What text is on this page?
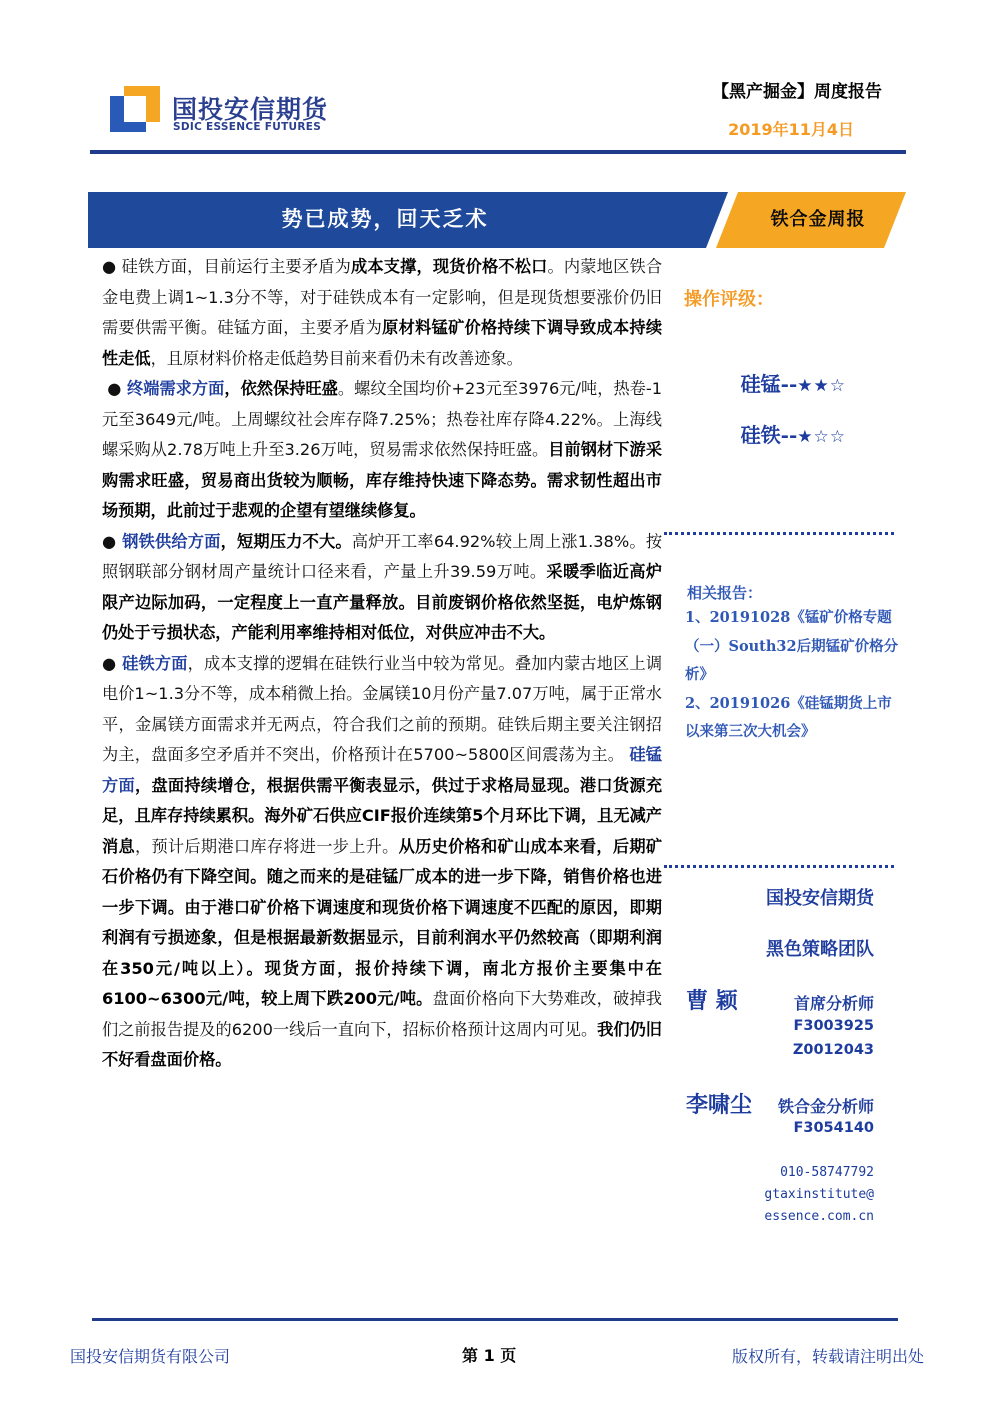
国投安信期货
SDIC ESSENCE FUTURES
【黑产掘金】周度报告
2019年11月4日
势已成势，回天乏术	铁合金周报

● 硅铁方面，目前运行主要矛盾为成本支撑，现货价格不松口。内蒙地区铁合金电费上调1~1.3分不等，对于硅铁成本有一定影响，但是现货想要涨价仍旧需要供需平衡。硅锰方面，主要矛盾为原材料锰矿价格持续下调导致成本持续性走低，且原材料价格走低趋势目前来看仍未有改善迹象。

● 终端需求方面，依然保持旺盛。螺纹全国均价+23元至3976元/吨，热卷-1元至3649元/吨。上周螺纹社会库存降7.25%；热卷社库存降4.22%。上海线螺采购从2.78万吨上升至3.26万吨，贸易需求依然保持旺盛。目前钢材下游采购需求旺盛，贸易商出货较为顺畅，库存维持快速下降态势。需求韧性超出市场预期，此前过于悲观的企望有望继续修复。

● 钢铁供给方面，短期压力不大。高炉开工率64.92%较上周上涨1.38%。按照钢联部分钢材周产量统计口径来看，产量上升39.59万吨。采暖季临近高炉限产边际加码，一定程度上一直产量释放。目前废钢价格依然坚挺，电炉炼钢仍处于亏损状态，产能利用率维持相对低位，对供应冲击不大。

● 硅铁方面，成本支撑的逻辑在硅铁行业当中较为常见。叠加内蒙古地区上调电价1~1.3分不等，成本稍微上抬。金属镁10月份产量7.07万吨，属于正常水平，金属镁方面需求并无两点，符合我们之前的预期。硅铁后期主要关注钢招为主，盘面多空矛盾并不突出，价格预计在5700~5800区间震荡为主。 硅锰方面，盘面持续增仓，根据供需平衡表显示，供过于求格局显现。港口货源充足，且库存持续累积。海外矿石供应CIF报价连续第5个月环比下调，且无减产消息，预计后期港口库存将进一步上升。从历史价格和矿山成本来看，后期矿石价格仍有下降空间。随之而来的是硅锰厂成本的进一步下降，销售价格也进一步下调。由于港口矿价格下调速度和现货价格下调速度不匹配的原因，即期利润有亏损迹象，但是根据最新数据显示，目前利润水平仍然较高（即期利润在350元/吨以上）。现货方面，报价持续下调，南北方报价主要集中在6100~6300元/吨，较上周下跌200元/吨。盘面价格向下大势难改，破掉我们之前报告提及的6200一线后一直向下，招标价格预计这周内可见。我们仍旧不好看盘面价格。

操作评级：
硅锰--★★☆
硅铁--★☆☆
相关报告：
1、20191028《锰矿价格专题（一）South32后期锰矿价格分析》
2、20191026《硅锰期货上市以来第三次大机会》
国投安信期货
黑色策略团队
曹 颖	首席分析师
F3003925
Z0012043
李啸尘 铁合金分析师
F3054140
010-58747792
gtaxinstitute@
essence.com.cn
国投安信期货有限公司	第 1 页	版权所有，转载请注明出处
